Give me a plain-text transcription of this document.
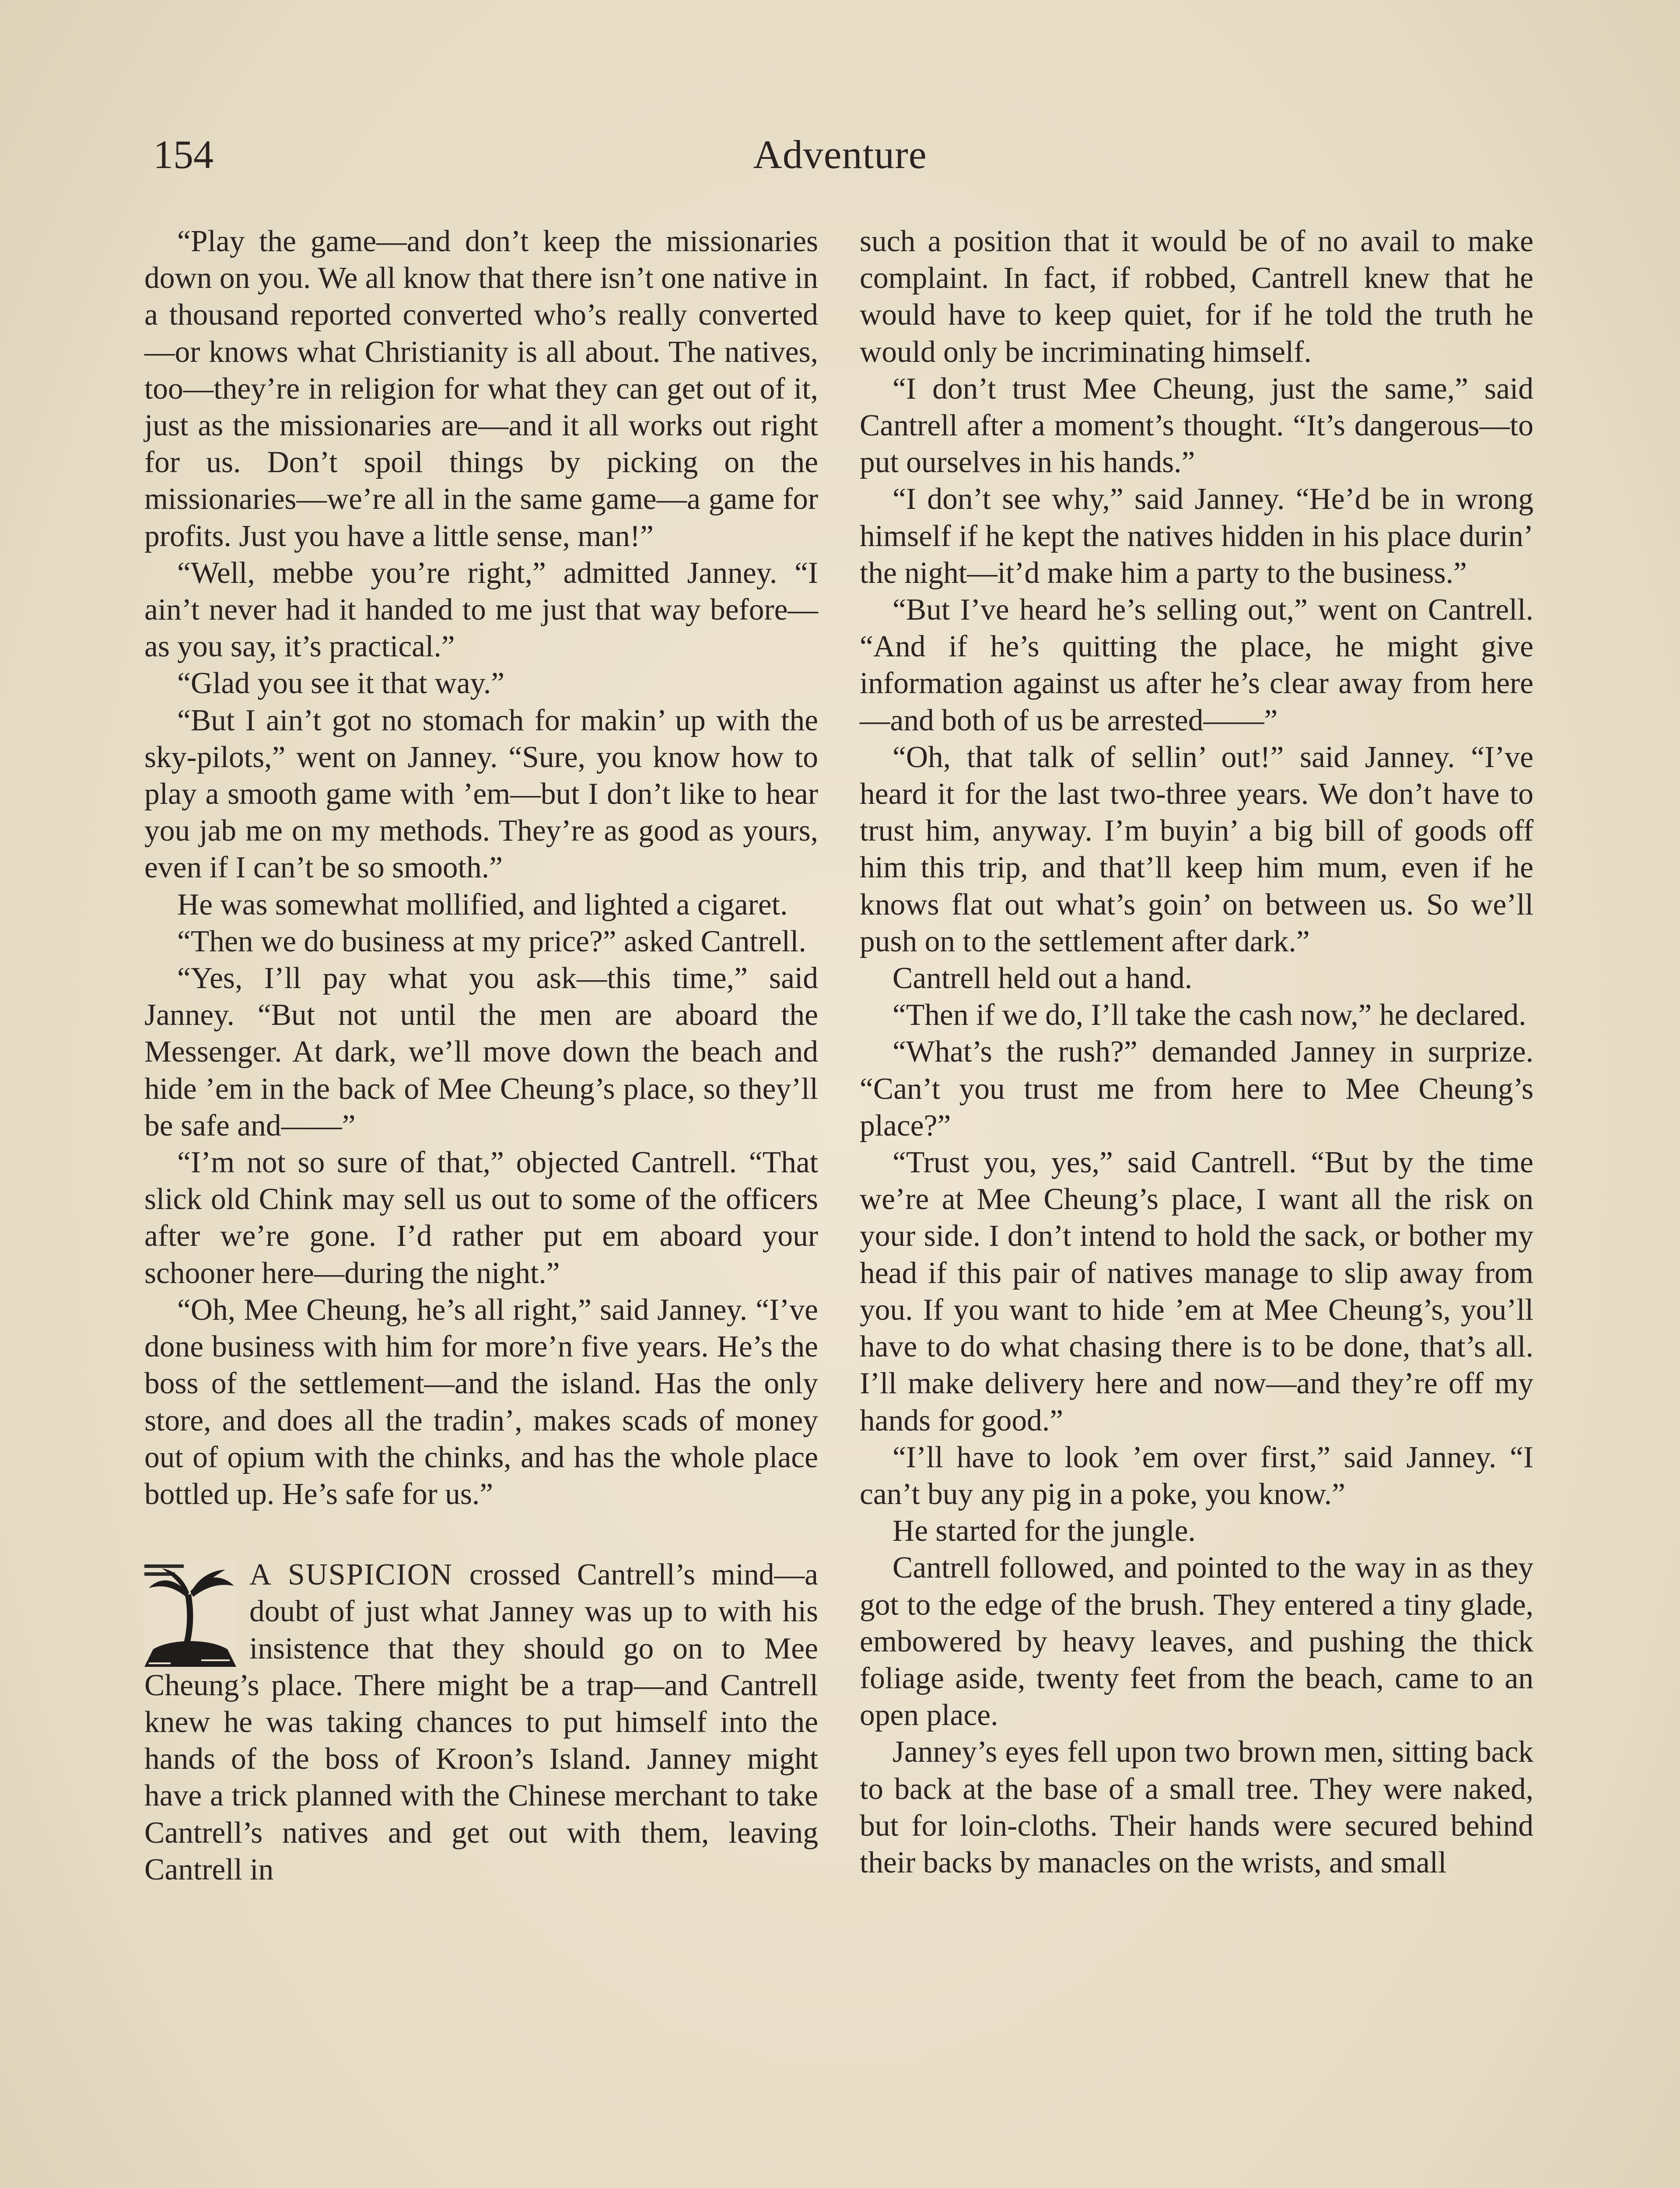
154	Adventure

“Play the game—and don’t keep the missionaries down on you. We all know that there isn’t one native in a thousand reported converted who’s really converted—or knows what Christianity is all about. The natives, too—they’re in religion for what they can get out of it, just as the missionaries are—and it all works out right for us. Don’t spoil things by picking on the missionaries—we’re all in the same game—a game for profits. Just you have a little sense, man!”

“Well, mebbe you’re right,” admitted Janney. “I ain’t never had it handed to me just that way before—as you say, it’s practical.”

“Glad you see it that way.”

“But I ain’t got no stomach for makin’ up with the sky-pilots,” went on Janney. “Sure, you know how to play a smooth game with ’em—but I don’t like to hear you jab me on my methods. They’re as good as yours, even if I can’t be so smooth.”

He was somewhat mollified, and lighted a cigaret.

“Then we do business at my price?” asked Cantrell.

“Yes, I’ll pay what you ask—this time,” said Janney. “But not until the men are aboard the Messenger. At dark, we’ll move down the beach and hide ’em in the back of Mee Cheung’s place, so they’ll be safe and——”

“I’m not so sure of that,” objected Cantrell. “That slick old Chink may sell us out to some of the officers after we’re gone. I’d rather put em aboard your schooner here—during the night.”

“Oh, Mee Cheung, he’s all right,” said Janney. “I’ve done business with him for more’n five years. He’s the boss of the settlement—and the island. Has the only store, and does all the tradin’, makes scads of money out of opium with the chinks, and has the whole place bottled up. He’s safe for us.”

A SUSPICION crossed Cantrell’s mind—a doubt of just what Janney was up to with his insistence that they should go on to Mee Cheung’s place. There might be a trap—and Cantrell knew he was taking chances to put himself into the hands of the boss of Kroon’s Island. Janney might have a trick planned with the Chinese merchant to take Cantrell’s natives and get out with them, leaving Cantrell in

such a position that it would be of no avail to make complaint. In fact, if robbed, Cantrell knew that he would have to keep quiet, for if he told the truth he would only be incriminating himself.

“I don’t trust Mee Cheung, just the same,” said Cantrell after a moment’s thought. “It’s dangerous—to put ourselves in his hands.”

“I don’t see why,” said Janney. “He’d be in wrong himself if he kept the natives hidden in his place durin’ the night—it’d make him a party to the business.”

“But I’ve heard he’s selling out,” went on Cantrell. “And if he’s quitting the place, he might give information against us after he’s clear away from here—and both of us be arrested——”

“Oh, that talk of sellin’ out!” said Janney. “I’ve heard it for the last two-three years. We don’t have to trust him, anyway. I’m buyin’ a big bill of goods off him this trip, and that’ll keep him mum, even if he knows flat out what’s goin’ on between us. So we’ll push on to the settlement after dark.”

Cantrell held out a hand.

“Then if we do, I’ll take the cash now,” he declared.

“What’s the rush?” demanded Janney in surprize. “Can’t you trust me from here to Mee Cheung’s place?”

“Trust you, yes,” said Cantrell. “But by the time we’re at Mee Cheung’s place, I want all the risk on your side. I don’t intend to hold the sack, or bother my head if this pair of natives manage to slip away from you. If you want to hide ’em at Mee Cheung’s, you’ll have to do what chasing there is to be done, that’s all. I’ll make delivery here and now—and they’re off my hands for good.”

“I’ll have to look ’em over first,” said Janney. “I can’t buy any pig in a poke, you know.”

He started for the jungle.

Cantrell followed, and pointed to the way in as they got to the edge of the brush. They entered a tiny glade, embowered by heavy leaves, and pushing the thick foliage aside, twenty feet from the beach, came to an open place.

Janney’s eyes fell upon two brown men, sitting back to back at the base of a small tree. They were naked, but for loin-cloths. Their hands were secured behind their backs by manacles on the wrists, and small
